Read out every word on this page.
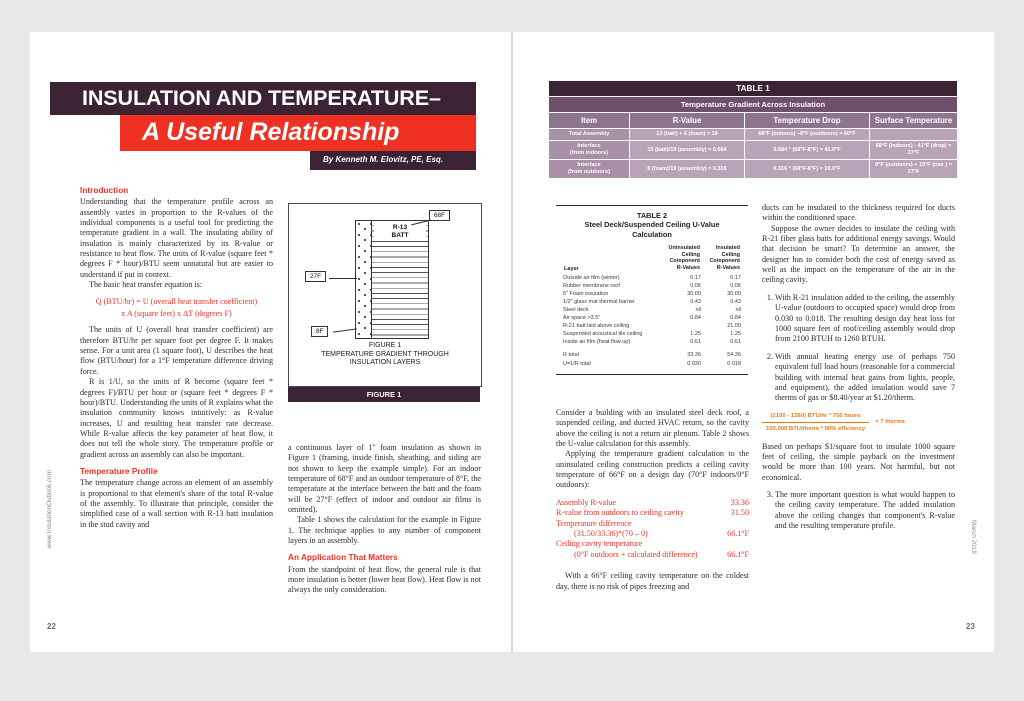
INSULATION AND TEMPERATURE–
A Useful Relationship
By Kenneth M. Elovitz, PE, Esq.
Introduction

Understanding that the temperature profile across an assembly varies in proportion to the R-values of the individual components is a useful tool for predicting the temperature gradient in a wall. The insulating ability of insulation is mainly characterized by its R-value or resistance to heat flow. The units of R-value (square feet * degrees F * hour)/BTU seem unnatural but are easier to understand if put in context.

The basic heat transfer equation is:

Q (BTU/hr) = U (overall heat transfer coefficient)
x A (square feet) x ΔT (degrees F)

The units of U (overall heat transfer coefficient) are therefore BTU/hr per square foot per degree F. It makes sense. For a unit area (1 square foot), U describes the heat flow (BTU/hour) for a 1°F temperature difference driving force.

R is 1/U, so the units of R become (square feet * degrees F)/BTU per hour or (square feet * degrees F * hour)/BTU. Understanding the units of R explains what the insulation community knows intuitively: as R-value increases, U and resulting heat transfer rate decrease. While R-value affects the key parameter of heat flow, it does not tell the whole story. The temperature profile or gradient across an assembly can also be important.

Temperature Profile

The temperature change across an element of an assembly is proportional to that element's share of the total R-value of the assembly. To illustrate that principle, consider the simplified case of a wall section with R-13 batt insulation in the stud cavity and

R-13
BATT
68F
27F
8F
FIGURE 1
TEMPERATURE GRADIENT THROUGH
INSULATION LAYERS
FIGURE 1

a continuous layer of 1" foam insulation as shown in Figure 1 (framing, inside finish, sheathing, and siding are not shown to keep the example simple). For an indoor temperature of 68°F and an outdoor temperature of 8°F, the temperature at the interface between the batt and the foam will be 27°F (effect of indoor and outdoor air films is omitted).

Table 1 shows the calculation for the example in Figure 1. The technique applies to any number of component layers in an assembly.

An Application That Matters

From the standpoint of heat flow, the general rule is that more insulation is better (lower heat flow). Heat flow is not always the only consideration.

TABLE 1			
Temperature Gradient Across Insulation			
Item	R-Value	Temperature Drop	Surface Temperature
Total Assembly	13 (batt) + 6 (foam) = 19	68°F (indoors) –8°F (outdoors) = 60°F	
Interface
(from indoors)	13 (batt)/19 (assembly) = 0.684	0.684 * (68°F-8°F) = 41.0°F	68°F (indoors) - 41°F (drop) = 27°F
Interface
(from outdoors)	6 (foam)/19 (assembly) = 0.316	0.316 * (68°F-8°F) = 19.0°F	8°F (outdoors) + 19°F (rise ) = 27°F
TABLE 2
Steel Deck/Suspended Ceiling U-Value
Calculation
Layer	Uninsulated
Ceiling
Component
R-Values	Insulated
Ceiling
Component
R-Values
Outside air film (winter)	0.17	0.17
Rubber membrane roof	0.06	0.06
5" Foam insulation	30.00	30.00
1/2" glass mat thermal barrier	0.43	0.43
Steel deck	nil	nil
Air space >3.5"	0.84	0.84
R-21 batt laid above ceiling		21.00
Suspended acoustical tile ceiling	1.25	1.25
Inside air film (heat flow up)	0.61	0.61
R total	33.36	54.36
U=1/R total	0.030	0.018

Consider a building with an insulated steel deck roof, a suspended ceiling, and ducted HVAC return, so the cavity above the ceiling is not a return air plenum. Table 2 shows the U-value calculation for this assembly.

Applying the temperature gradient calculation to the uninsulated ceiling construction predicts a ceiling cavity temperature of 66°F on a design day (70°F indoors/0°F outdoors):

Assembly R-value	33.36
R-value from outdoors to ceiling cavity	31.50
Temperature difference
(31.50/33.36)*(70 – 0)	66.1°F
Ceiling cavity temperature
(0°F outdoors + calculated difference)	66.1°F

With a 66°F ceiling cavity temperature on the coldest day, there is no risk of pipes freezing and

ducts can be insulated to the thickness required for ducts within the conditioned space.

Suppose the owner decides to insulate the ceiling with R-21 fiber glass batts for additional energy savings. Would that decision be smart? To determine an answer, the designer has to consider both the cost of energy saved as well as the impact on the temperature of the air in the ceiling cavity.

1. With R-21 insulation added to the ceiling, the assembly U-value (outdoors to occupied space) would drop from 0.030 to 0.018. The resulting design day heat loss for 1000 square feet of roof/ceiling assembly would drop from 2100 BTUH to 1260 BTUH.
2. With annual heating energy use of perhaps 750 equivalent full load hours (reasonable for a commercial building with internal heat gains from lights, people, and equipment), the added insulation would save 7 therms of gas or $8.40/year at $1.20/therm.
$\frac{\text{(2100 - 1260) BTU/hr * 750 hours}}{\text{100,000 BTU/therm * 90\% efficiency}}$	= 7 therms

Based on perhaps $1/square foot to insulate 1000 square feet of ceiling, the simple payback on the investment would be more than 100 years. Not harmful, but not economical.

3. The more important question is what would happen to the ceiling cavity temperature. The added insulation above the ceiling changes that component's R-value and the resulting temperature profile.
www.InsulationOutlook.com
22
March 2019
23
